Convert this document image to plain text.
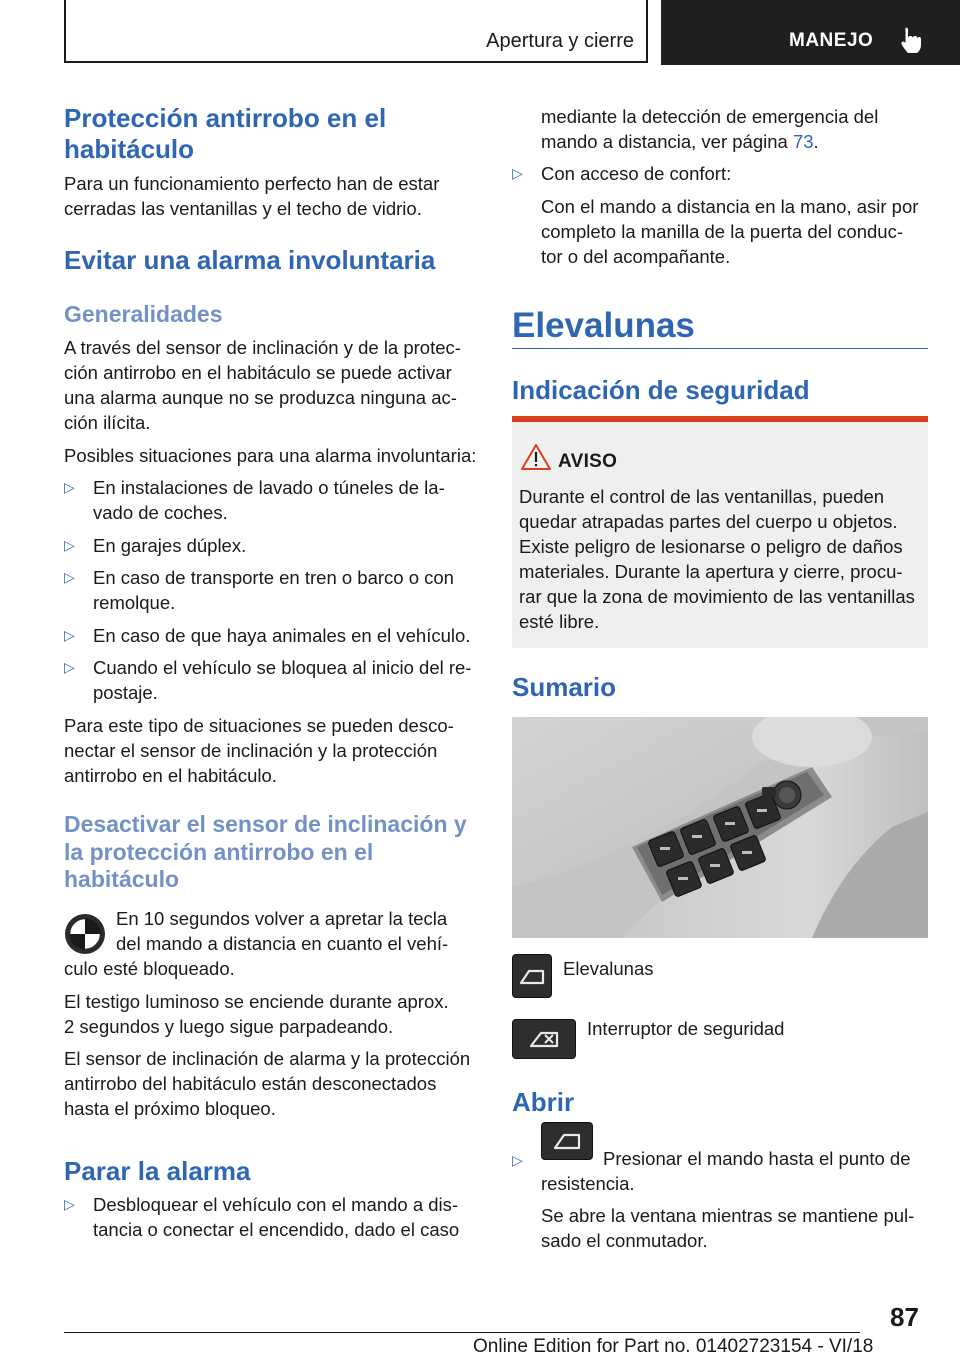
Apertura y cierre	MANEJO
Protección antirrobo en el
habitáculo
Para un funcionamiento perfecto han de estar
cerradas las ventanillas y el techo de vidrio.
Evitar una alarma involuntaria
Generalidades
A través del sensor de inclinación y de la protec‐
ción antirrobo en el habitáculo se puede activar
una alarma aunque no se produzca ninguna ac‐
ción ilícita.
Posibles situaciones para una alarma involuntaria:
▷ En instalaciones de lavado o túneles de la‐
vado de coches.
▷ En garajes dúplex.
▷ En caso de transporte en tren o barco o con
remolque.
▷ En caso de que haya animales en el vehículo.
▷ Cuando el vehículo se bloquea al inicio del re‐
postaje.
Para este tipo de situaciones se pueden desco‐
nectar el sensor de inclinación y la protección
antirrobo en el habitáculo.
Desactivar el sensor de inclinación y
la protección antirrobo en el
habitáculo
En 10 segundos volver a apretar la tecla
del mando a distancia en cuanto el vehí‐
culo esté bloqueado.
El testigo luminoso se enciende durante aprox.
2 segundos y luego sigue parpadeando.
El sensor de inclinación de alarma y la protección
antirrobo del habitáculo están desconectados
hasta el próximo bloqueo.
Parar la alarma
▷ Desbloquear el vehículo con el mando a dis‐
tancia o conectar el encendido, dado el caso
mediante la detección de emergencia del
mando a distancia, ver página 73.
▷ Con acceso de confort:
Con el mando a distancia en la mano, asir por
completo la manilla de la puerta del conduc‐
tor o del acompañante.
Elevalunas
Indicación de seguridad
AVISO
Durante el control de las ventanillas, pueden
quedar atrapadas partes del cuerpo u objetos.
Existe peligro de lesionarse o peligro de daños
materiales. Durante la apertura y cierre, procu‐
rar que la zona de movimiento de las ventanillas
esté libre.
Sumario
Elevalunas
Interruptor de seguridad
Abrir
▷	Presionar el mando hasta el punto de
resistencia.
Se abre la ventana mientras se mantiene pul‐
sado el conmutador.
87
Online Edition for Part no. 01402723154 - VI/18
